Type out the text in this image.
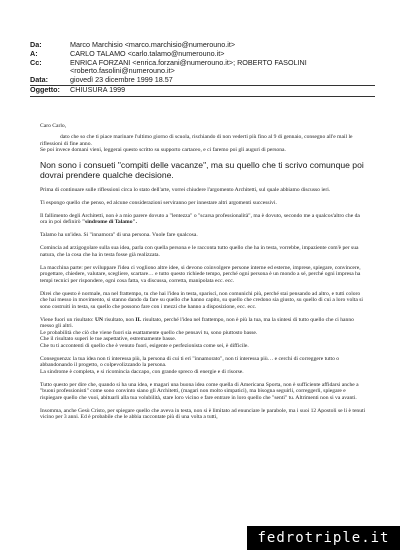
Da:	Marco Marchisio <marco.marchisio@numerouno.it>
A:	CARLO TALAMO <carlo.talamo@numerouno.it>
Cc:	ENRICA FORZANI <enrica.forzani@numerouno.it>; ROBERTO FASOLINI <roberto.fasolini@numerouno.it>
Data:	giovedì 23 dicembre 1999 18.57
Oggetto:	CHIUSURA 1999

Caro Carlo,

dato che so che ti piace marinare l'ultimo giorno di scuola, rischiando di non vederti più fino al 9 di gennaio, consegno all'e mail le riflessioni di fine anno.
Se poi invece domani vieni, leggerai questo scritto su supporto cartaceo, e ci faremo poi gli auguri di persona.

Non sono i consueti "compiti delle vacanze", ma su quello che ti scrivo comunque poi dovrai prendere qualche decisione.

Prima di continuare sulle riflessioni circa lo stato dell'arte, vorrei chiudere l'argomento Architetti, sul quale abbiamo discusso ieri.

Ti espongo quello che penso, ed alcune considerazioni serviranno per innestare altri argomenti successivi.

Il fallimento degli Architetti, non è a mio parere dovuto a "lentezza" o "scarsa professionalità", ma è dovuto, secondo me a qualcos'altro che da ora in poi definirò "sindrome di Talamo".

Talamo ha un'idea. Si "innamora" di una persona. Vuole fare qualcosa.

Comincia ad arzigogolare sulla sua idea, parla con quella persona e le racconta tutto quello che ha in testa, vorrebbe, impaziente com'è per sua natura, che la cosa che ha in testa fosse già realizzata.

La macchina parte: per sviluppare l'idea ci vogliono altre idee, si devono coinvolgere persone interne ed esterne, imprese, spiegare, convincere, progettare, chiedere, valutare, scegliere, scartare… e tutto questo richiede tempo, perché ogni persona è un mondo a sé, perché ogni impresa ha tempi tecnici per rispondere, ogni cosa fatta, va discussa, corretta, manipolata ecc. ecc.

Direi che questo è normale, ma nel frattempo, tu che hai l'idea in testa, spariscì, non comunichi più, perché stai pensando ad altro, e tutti coloro che hai messo in movimento, si stanno dando da fare su quello che hanno capito, su quello che credono sia giusto, su quello di cui a loro volta si sono costruiti in testa, su quello che possono fare con i mezzi che hanno a disposizione, ecc. ecc.

Viene fuori un risultato: UN risultato, non IL risultato, perché l'idea nel frattempo, non è più la tua, ma la sintesi di tutto quello che ci hanno messo gli altri.
Le probabilità che ciò che viene fuori sia esattamente quello che pensavi tu, sono piuttosto basse.
Che il risultato superi le tue aspettative, estremamente basse.
Che tu ti accontenti di quello che è venuto fuori, esigente e perfezionista come sei, è difficile.

Conseguenza: la tua idea non ti interessa più, la persona di cui ti eri "innamorato", non ti interessa più… e cerchi di correggere tutto o abbandonando il progetto, o colpevolizzando la persona.
La sindrome è completa, e si ricomincia daccapo, con grande spreco di energie e di risorse.

Tutto questo per dire che, quando si ha una idea, e magari una buona idea come quella di Americana Sporta, non è sufficiente affidarsi anche a "buoni professionisti" come sono convinto siano gli Architetti, (magari non molto simpatici), ma bisogna seguirli, correggerli, spiegare e rispiegare quello che vuoi, abituarli alla tua volubilità, stare loro vicino e fare entrare in loro quello che "senti" tu. Altrimenti non si va avanti.

Insomma, anche Gesù Cristo, per spiegare quello che aveva in testa, non si è limitato ad enunciare le parabole, ma i suoi 12 Apostoli se li è tenuti vicino per 3 anni. Ed è probabile che le abbia raccontate più di una volta a tutti,

fedrotriple.it
